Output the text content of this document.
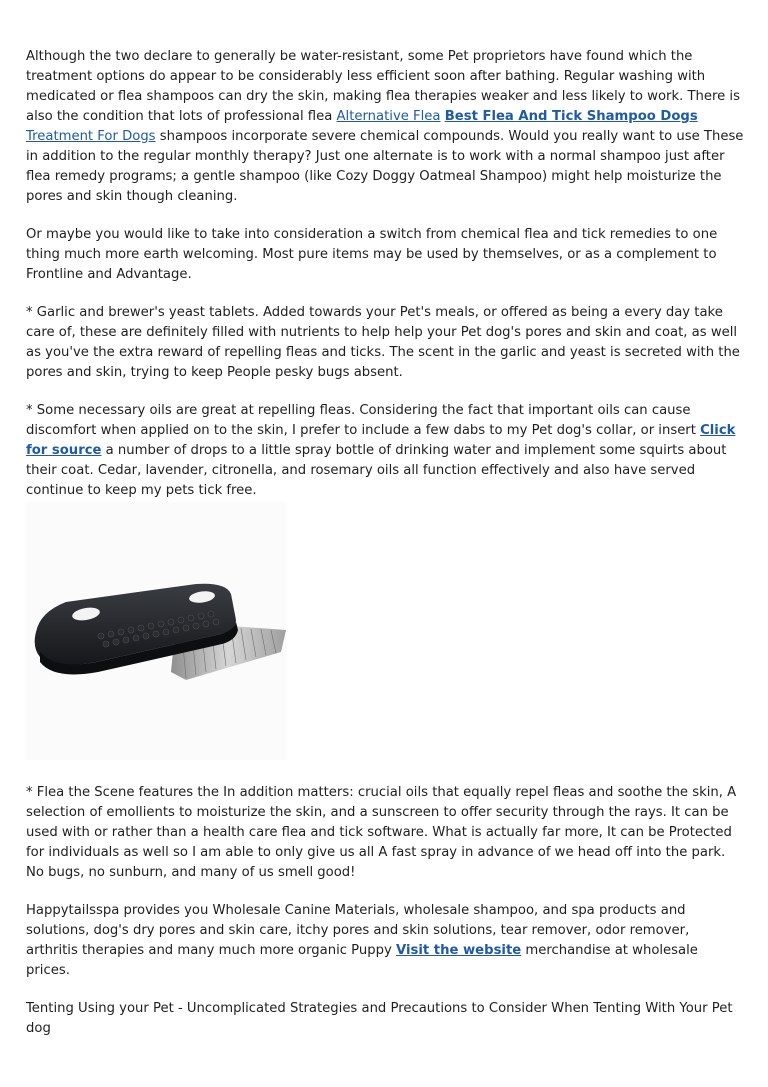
Although the two declare to generally be water-resistant, some Pet proprietors have found which the treatment options do appear to be considerably less efficient soon after bathing. Regular washing with medicated or flea shampoos can dry the skin, making flea therapies weaker and less likely to work. There is also the condition that lots of professional flea Alternative Flea Best Flea And Tick Shampoo Dogs Treatment For Dogs shampoos incorporate severe chemical compounds. Would you really want to use These in addition to the regular monthly therapy? Just one alternate is to work with a normal shampoo just after flea remedy programs; a gentle shampoo (like Cozy Doggy Oatmeal Shampoo) might help moisturize the pores and skin though cleaning.

Or maybe you would like to take into consideration a switch from chemical flea and tick remedies to one thing much more earth welcoming. Most pure items may be used by themselves, or as a complement to Frontline and Advantage.

* Garlic and brewer's yeast tablets. Added towards your Pet's meals, or offered as being a every day take care of, these are definitely filled with nutrients to help help your Pet dog's pores and skin and coat, as well as you've the extra reward of repelling fleas and ticks. The scent in the garlic and yeast is secreted with the pores and skin, trying to keep People pesky bugs absent.

* Some necessary oils are great at repelling fleas. Considering the fact that important oils can cause discomfort when applied on to the skin, I prefer to include a few dabs to my Pet dog's collar, or insert Click for source a number of drops to a little spray bottle of drinking water and implement some squirts about their coat. Cedar, lavender, citronella, and rosemary oils all function effectively and also have served continue to keep my pets tick free.

* Flea the Scene features the In addition matters: crucial oils that equally repel fleas and soothe the skin, A selection of emollients to moisturize the skin, and a sunscreen to offer security through the rays. It can be used with or rather than a health care flea and tick software. What is actually far more, It can be Protected for individuals as well so I am able to only give us all A fast spray in advance of we head off into the park. No bugs, no sunburn, and many of us smell good!

Happytailsspa provides you Wholesale Canine Materials, wholesale shampoo, and spa products and solutions, dog's dry pores and skin care, itchy pores and skin solutions, tear remover, odor remover, arthritis therapies and many much more organic Puppy Visit the website merchandise at wholesale prices.

Tenting Using your Pet - Uncomplicated Strategies and Precautions to Consider When Tenting With Your Pet dog
